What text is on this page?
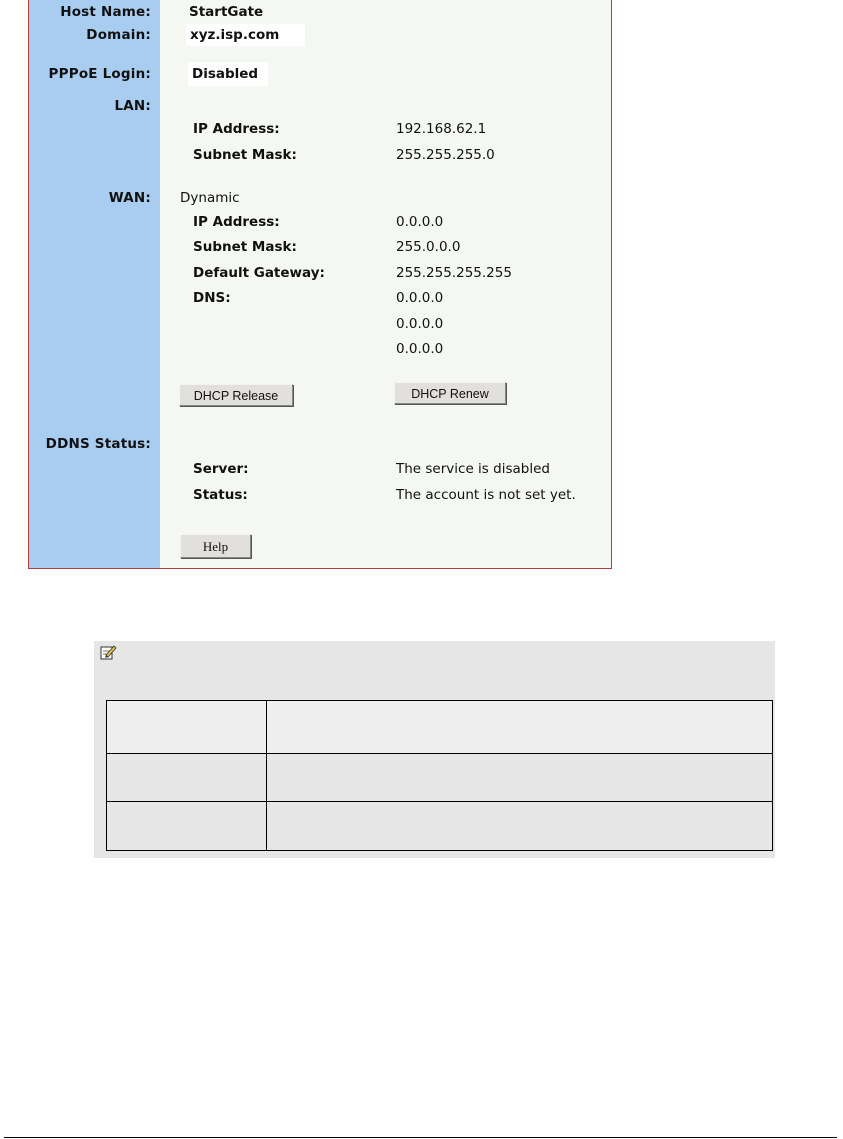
Host Name:	StartGate
Domain:	xyz.isp.com
PPPoE Login:	Disabled
LAN:
IP Address:	192.168.62.1
Subnet Mask:	255.255.255.0
WAN: Dynamic
IP Address:	0.0.0.0
Subnet Mask:	255.0.0.0
Default Gateway:	255.255.255.255
DNS:	0.0.0.0
0.0.0.0
0.0.0.0
DHCP Release	DHCP Renew
DDNS Status:
Server:	The service is disabled
Status:	The account is not set yet.
Help
